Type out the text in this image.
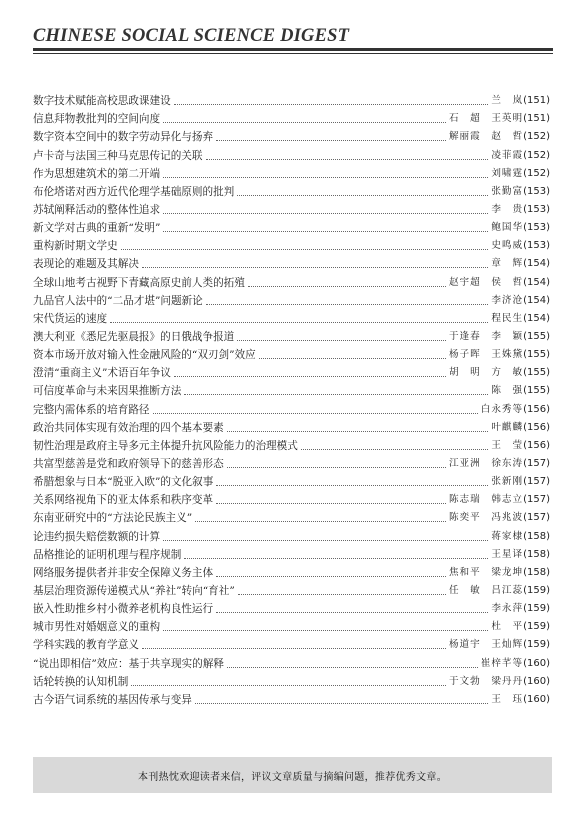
CHINESE SOCIAL SCIENCE DIGEST
数字技术赋能高校思政课建设	兰　岚 (151)
信息拜物教批判的空间向度	石　超　王英明 (151)
数字资本空间中的数字劳动异化与扬弃	解丽霞　赵　哲 (152)
卢卡奇与法国三种马克思传记的关联	凌菲霞 (152)
作为思想建筑术的第二开端	刘啸霆 (152)
布伦塔诺对西方近代伦理学基础原则的批判	张勤富 (153)
苏轼阐释活动的整体性追求	李　贵 (153)
新文学对古典的重新“发明”	鲍国华 (153)
重构新时期文学史	史鸣威 (153)
表现论的难题及其解决	章　辉 (154)
全球山地考古视野下青藏高原史前人类的拓殖	赵宇超　侯　哲 (154)
九品官人法中的“二品才堪”问题新论	李济沧 (154)
宋代货运的速度	程民生 (154)
澳大利亚《悉尼先驱晨报》的日俄战争报道	于逢春　李　颖 (155)
资本市场开放对输入性金融风险的“双刃剑”效应	杨子晖　王姝黛 (155)
澄清“重商主义”术语百年争议	胡　明　方　敏 (155)
可信度革命与未来因果推断方法	陈　强 (155)
完整内需体系的培育路径	白永秀等 (156)
政治共同体实现有效治理的四个基本要素	叶麒麟 (156)
韧性治理是政府主导多元主体提升抗风险能力的治理模式	王　莹 (156)
共富型慈善是党和政府领导下的慈善形态	江亚洲　徐东涛 (157)
希腊想象与日本“脱亚入欧”的文化叙事	张新刚 (157)
关系网络视角下的亚太体系和秩序变革	陈志瑞　韩志立 (157)
东南亚研究中的“方法论民族主义”	陈奕平　冯兆波 (157)
论违约损失赔偿数额的计算	蒋家棣 (158)
品格推论的证明机理与程序规制	王星译 (158)
网络服务提供者并非安全保障义务主体	焦和平　梁龙坤 (158)
基层治理资源传递模式从“养社”转向“育社”	任　敏　吕江蕊 (159)
嵌入性助推乡村小微养老机构良性运行	李永萍 (159)
城市男性对婚姻意义的重构	杜　平 (159)
学科实践的教育学意义	杨道宇　王灿辉 (159)
“说出即相信”效应：基于共享现实的解释	崔梓芊等 (160)
话轮转换的认知机制	于文勃　梁丹丹 (160)
古今语气词系统的基因传承与变异	王　珏 (160)
本刊热忱欢迎读者来信，评议文章质量与摘编问题，推荐优秀文章。
